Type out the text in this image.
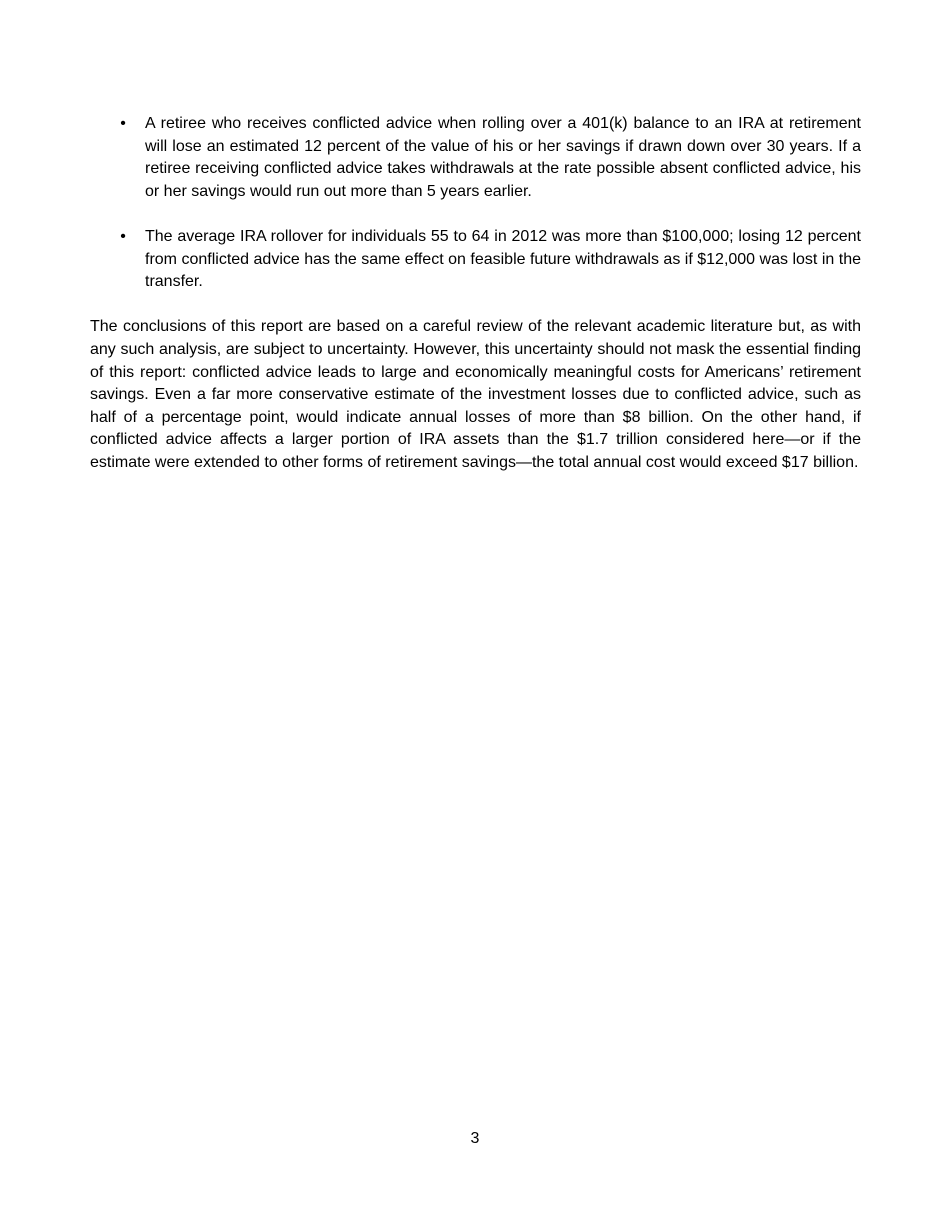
• A retiree who receives conflicted advice when rolling over a 401(k) balance to an IRA at retirement will lose an estimated 12 percent of the value of his or her savings if drawn down over 30 years. If a retiree receiving conflicted advice takes withdrawals at the rate possible absent conflicted advice, his or her savings would run out more than 5 years earlier.
• The average IRA rollover for individuals 55 to 64 in 2012 was more than $100,000; losing 12 percent from conflicted advice has the same effect on feasible future withdrawals as if $12,000 was lost in the transfer.

The conclusions of this report are based on a careful review of the relevant academic literature but, as with any such analysis, are subject to uncertainty. However, this uncertainty should not mask the essential finding of this report: conflicted advice leads to large and economically meaningful costs for Americans’ retirement savings. Even a far more conservative estimate of the investment losses due to conflicted advice, such as half of a percentage point, would indicate annual losses of more than $8 billion. On the other hand, if conflicted advice affects a larger portion of IRA assets than the $1.7 trillion considered here—or if the estimate were extended to other forms of retirement savings—the total annual cost would exceed $17 billion.

3
